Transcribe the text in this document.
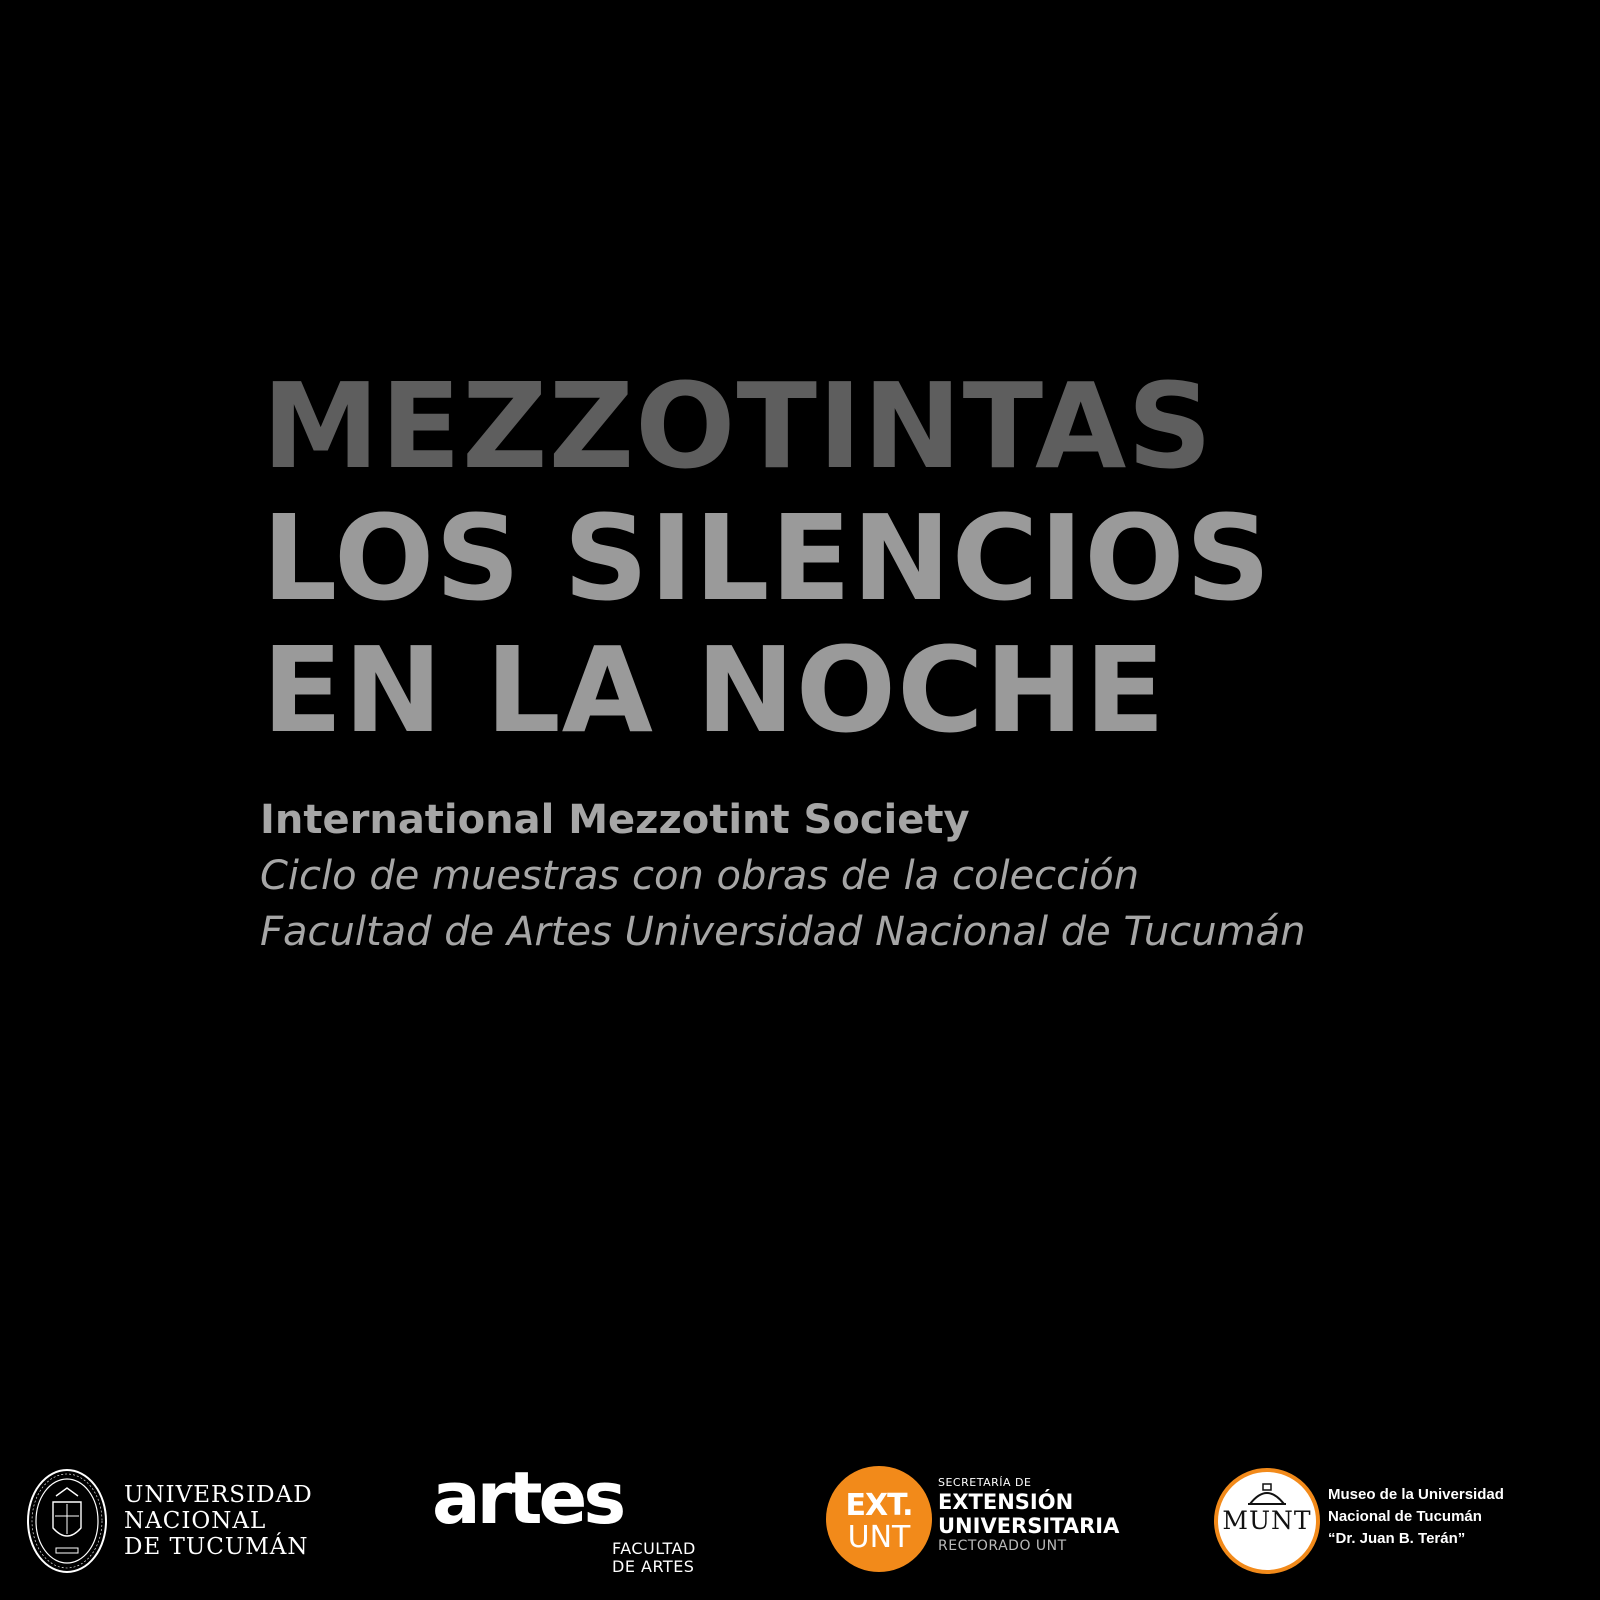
MEZZOTINTAS
LOS SILENCIOS
EN LA NOCHE
International Mezzotint Society
Ciclo de muestras con obras de la colección
Facultad de Artes Universidad Nacional de Tucumán
UNIVERSIDAD
NACIONAL
DE TUCUMÁN
artes
FACULTAD
DE ARTES
EXT.
UNT
SECRETARÍA DE
EXTENSIÓN
UNIVERSITARIA
RECTORADO UNT
MUNT
Museo de la Universidad
Nacional de Tucumán
“Dr. Juan B. Terán”
